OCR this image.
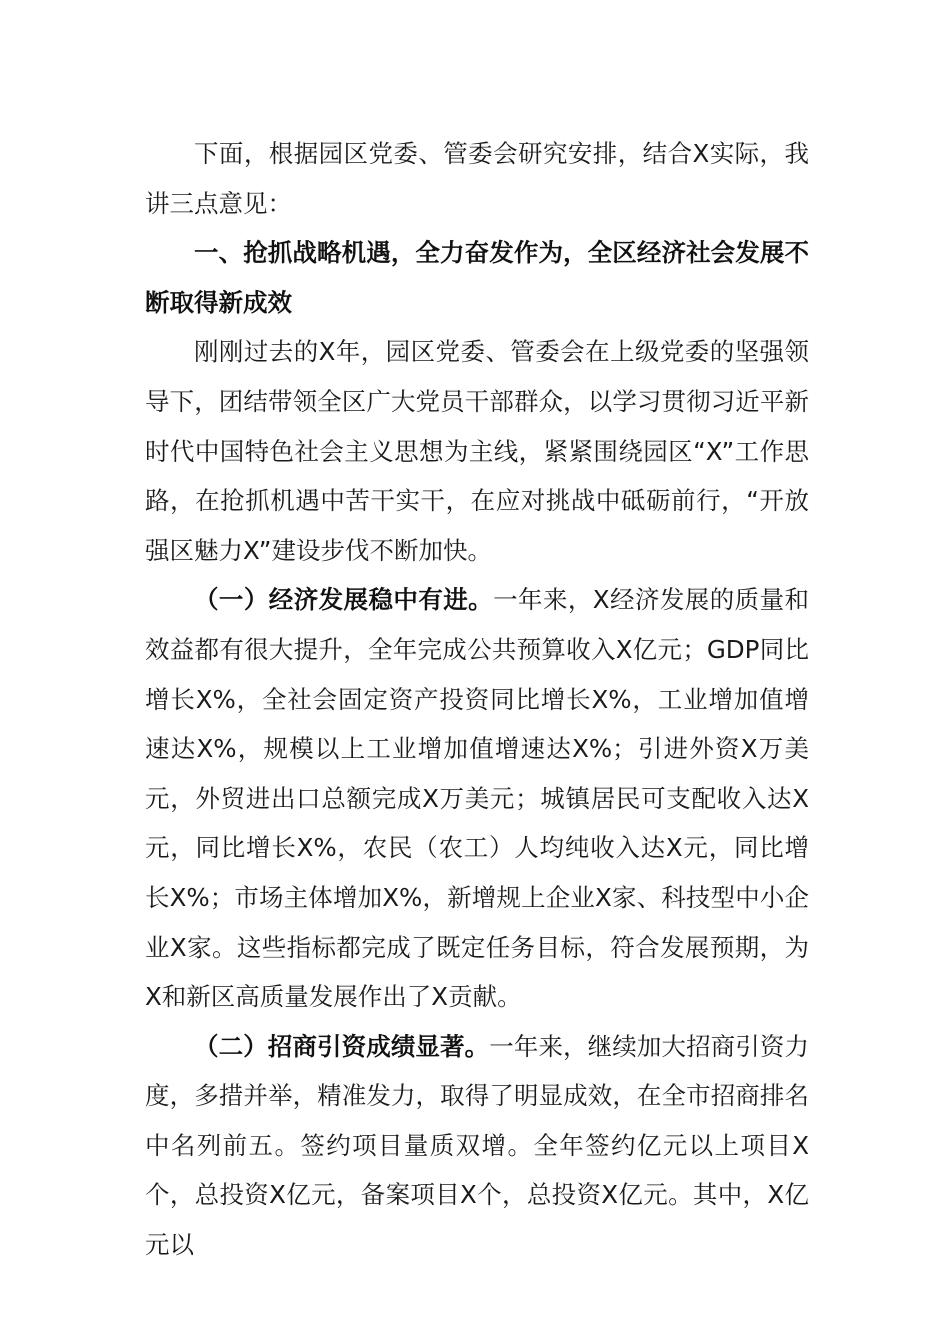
下面，根据园区党委、管委会研究安排，结合X实际，我讲三点意见：

一、抢抓战略机遇，全力奋发作为，全区经济社会发展不断取得新成效

刚刚过去的X年，园区党委、管委会在上级党委的坚强领导下，团结带领全区广大党员干部群众，以学习贯彻习近平新时代中国特色社会主义思想为主线，紧紧围绕园区“X”工作思路，在抢抓机遇中苦干实干，在应对挑战中砥砺前行，“开放强区魅力X”建设步伐不断加快。

（一）经济发展稳中有进。一年来，X经济发展的质量和效益都有很大提升，全年完成公共预算收入X亿元；GDP同比增长X%，全社会固定资产投资同比增长X%，工业增加值增速达X%，规模以上工业增加值增速达X%；引进外资X万美元，外贸进出口总额完成X万美元；城镇居民可支配收入达X元，同比增长X%，农民（农工）人均纯收入达X元，同比增长X%；市场主体增加X%，新增规上企业X家、科技型中小企业X家。这些指标都完成了既定任务目标，符合发展预期，为X和新区高质量发展作出了X贡献。

（二）招商引资成绩显著。一年来，继续加大招商引资力度，多措并举，精准发力，取得了明显成效，在全市招商排名中名列前五。签约项目量质双增。全年签约亿元以上项目X个，总投资X亿元，备案项目X个，总投资X亿元。其中，X亿元以
